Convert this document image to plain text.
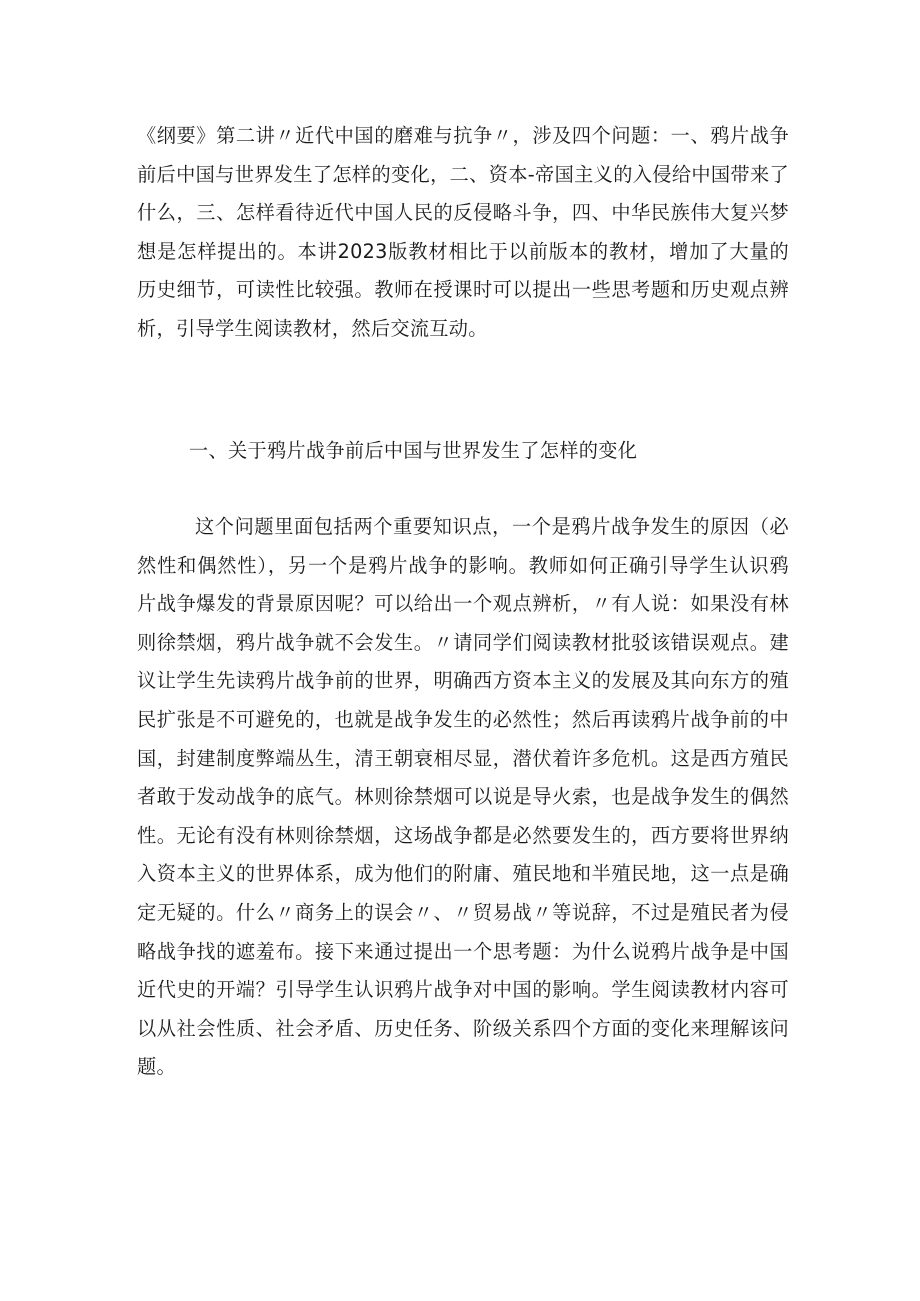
《纲要》第二讲〃近代中国的磨难与抗争〃，涉及四个问题：一、鸦片战争前后中国与世界发生了怎样的变化，二、资本-帝国主义的入侵给中国带来了什么，三、怎样看待近代中国人民的反侵略斗争，四、中华民族伟大复兴梦想是怎样提出的。本讲2023版教材相比于以前版本的教材，增加了大量的历史细节，可读性比较强。教师在授课时可以提出一些思考题和历史观点辨析，引导学生阅读教材，然后交流互动。

一、关于鸦片战争前后中国与世界发生了怎样的变化

这个问题里面包括两个重要知识点，一个是鸦片战争发生的原因（必然性和偶然性），另一个是鸦片战争的影响。教师如何正确引导学生认识鸦片战争爆发的背景原因呢？可以给出一个观点辨析，〃有人说：如果没有林则徐禁烟，鸦片战争就不会发生。〃请同学们阅读教材批驳该错误观点。建议让学生先读鸦片战争前的世界，明确西方资本主义的发展及其向东方的殖民扩张是不可避免的，也就是战争发生的必然性；然后再读鸦片战争前的中国，封建制度弊端丛生，清王朝衰相尽显，潜伏着许多危机。这是西方殖民者敢于发动战争的底气。林则徐禁烟可以说是导火索，也是战争发生的偶然性。无论有没有林则徐禁烟，这场战争都是必然要发生的，西方要将世界纳入资本主义的世界体系，成为他们的附庸、殖民地和半殖民地，这一点是确定无疑的。什么〃商务上的误会〃、〃贸易战〃等说辞，不过是殖民者为侵略战争找的遮羞布。接下来通过提出一个思考题：为什么说鸦片战争是中国近代史的开端？引导学生认识鸦片战争对中国的影响。学生阅读教材内容可以从社会性质、社会矛盾、历史任务、阶级关系四个方面的变化来理解该问题。
